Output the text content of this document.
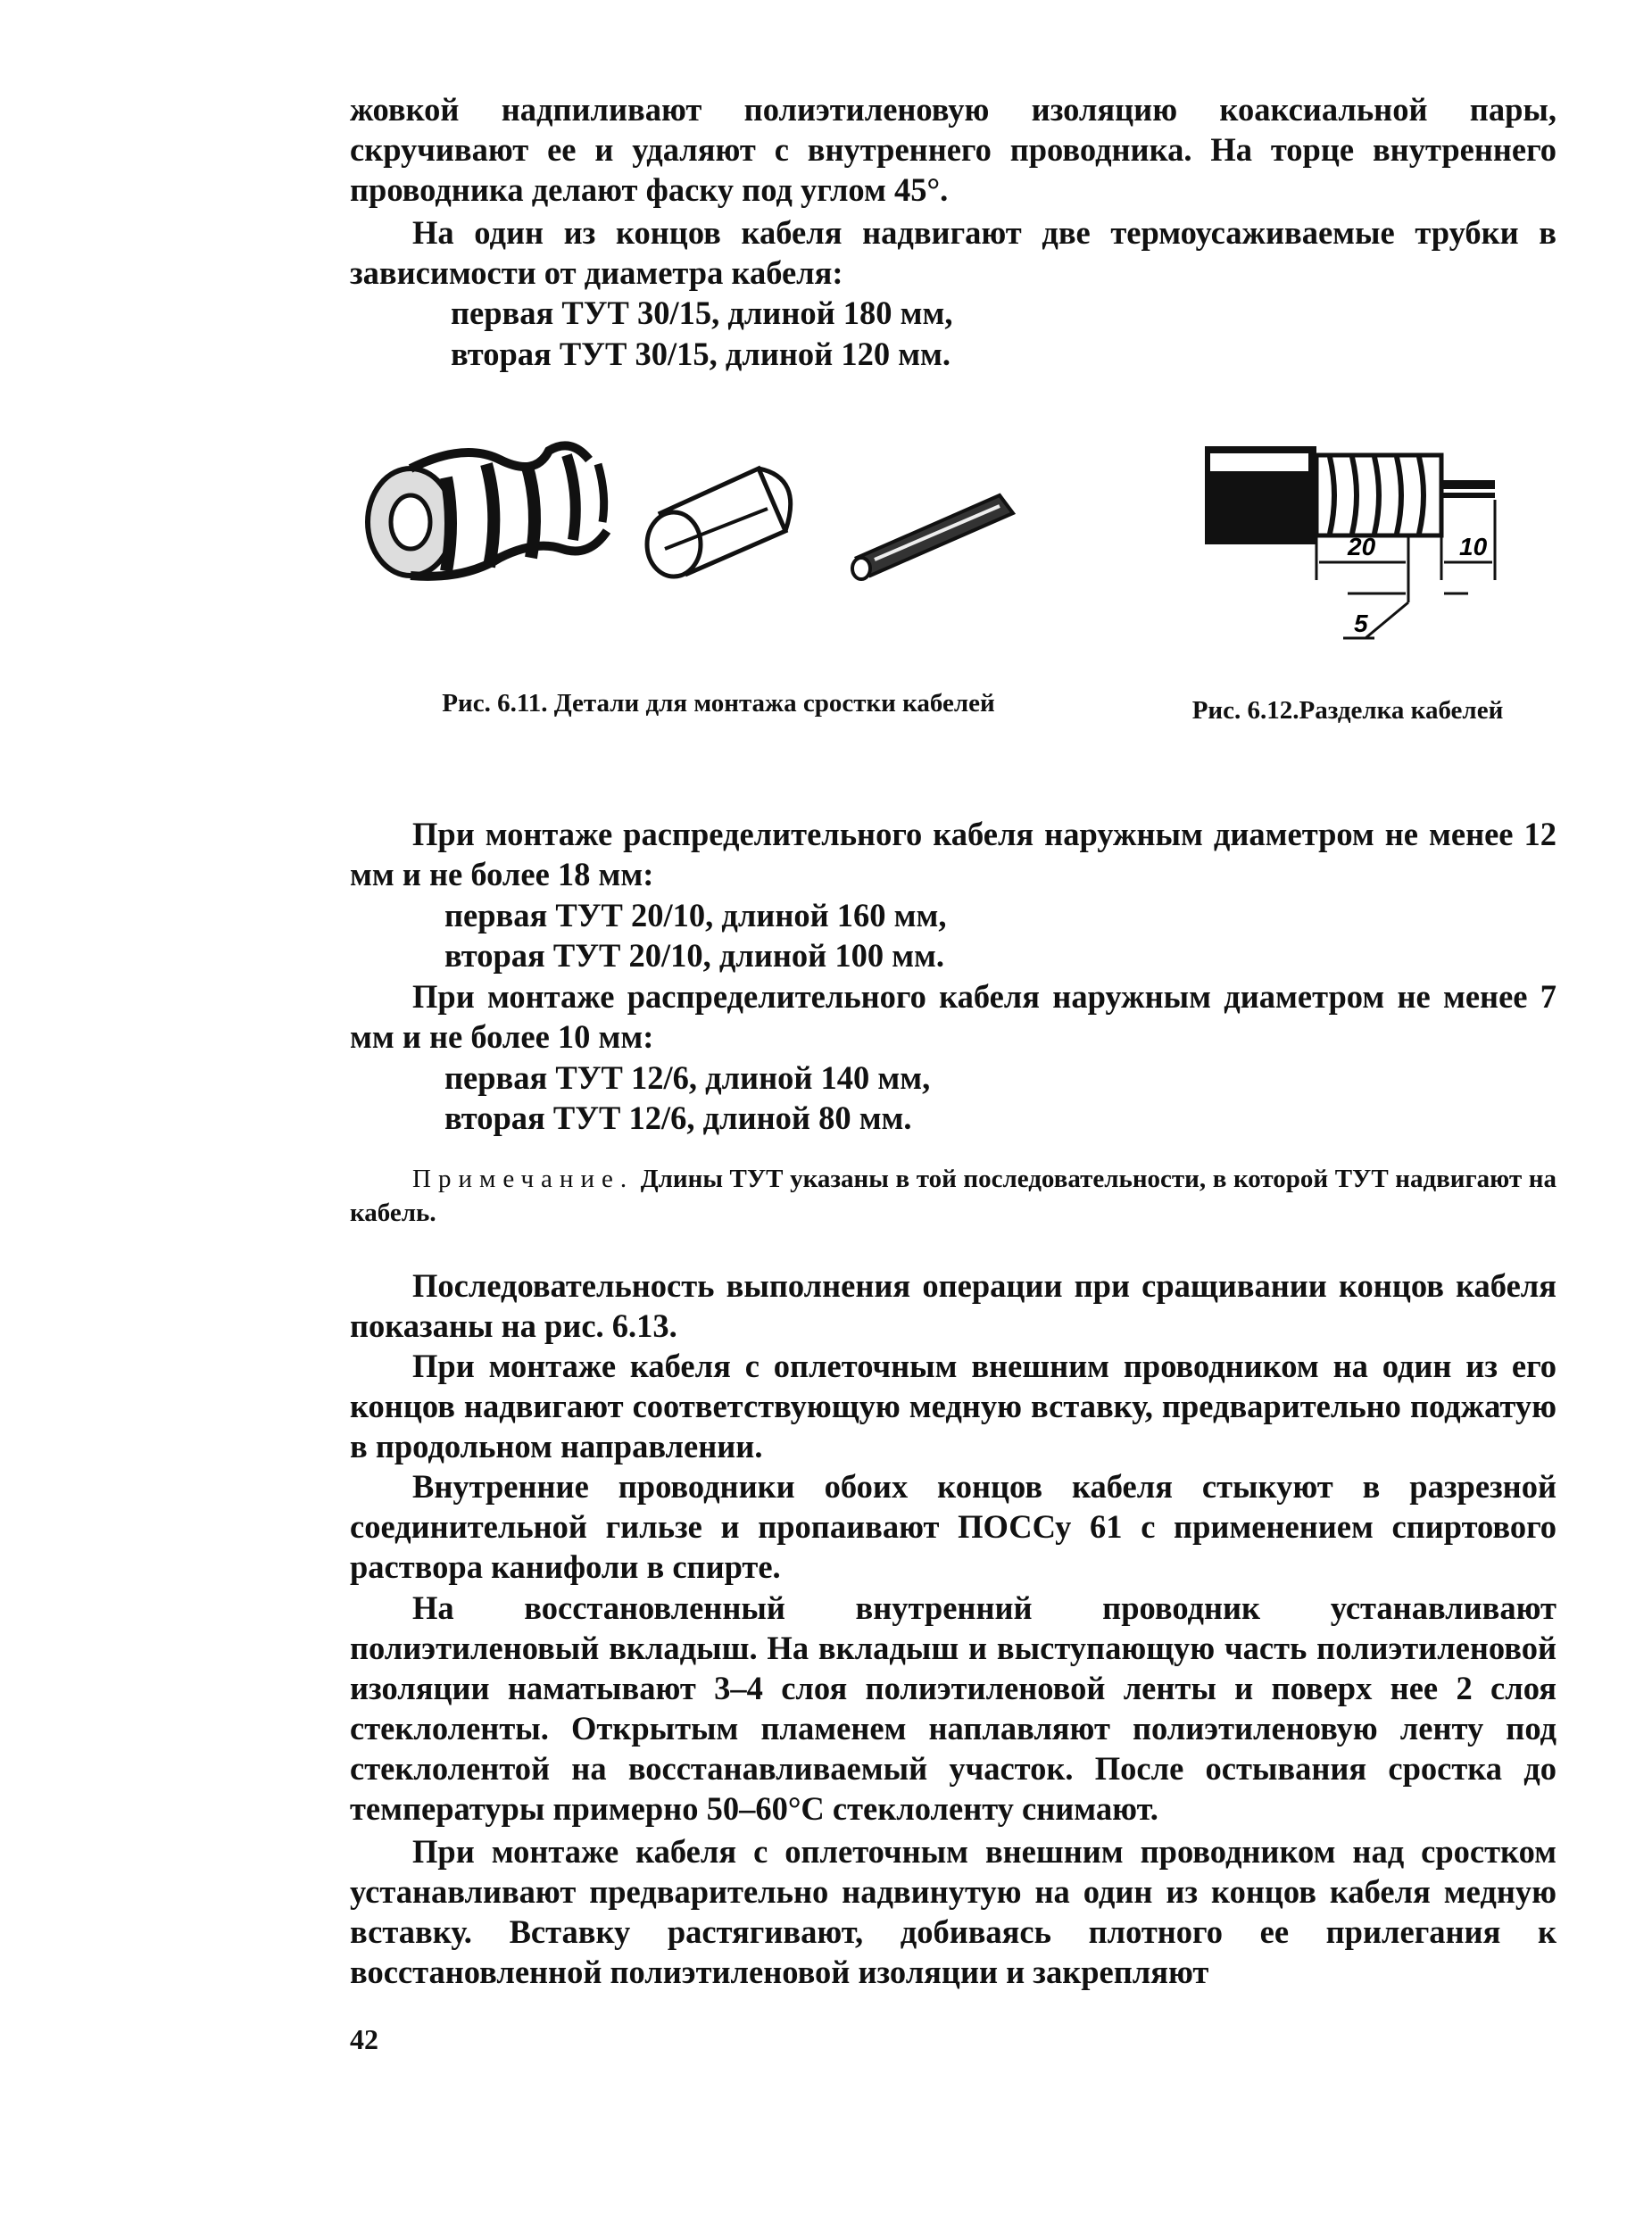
жовкой надпиливают полиэтиленовую изоляцию коаксиальной пары, скручивают ее и удаляют с внутреннего проводника. На торце внутреннего проводника делают фаску под углом 45°.

На один из концов кабеля надвигают две термоусаживаемые трубки в зависимости от диаметра кабеля:

первая ТУТ 30/15, длиной 180 мм,

вторая ТУТ 30/15, длиной 120 мм.

20	10
5

Рис. 6.11. Детали для монтажа сростки кабелей	Рис. 6.12.Разделка кабелей

При монтаже распределительного кабеля наружным диаметром не менее 12 мм и не более 18 мм:

первая ТУТ 20/10, длиной 160 мм,

вторая ТУТ 20/10, длиной 100 мм.

При монтаже распределительного кабеля наружным диаметром не менее 7 мм и не более 10 мм:

первая ТУТ 12/6, длиной 140 мм,

вторая ТУТ 12/6, длиной 80 мм.

Примечание. Длины ТУТ указаны в той последовательности, в которой ТУТ надвигают на кабель.

Последовательность выполнения операции при сращивании концов кабеля показаны на рис. 6.13.

При монтаже кабеля с оплеточным внешним проводником на один из его концов надвигают соответствующую медную вставку, предварительно поджатую в продольном направлении.

Внутренние проводники обоих концов кабеля стыкуют в разрезной соединительной гильзе и пропаивают ПОССу 61 с применением спиртового раствора канифоли в спирте.

На восстановленный внутренний проводник устанавливают полиэтиленовый вкладыш. На вкладыш и выступающую часть полиэтиленовой изоляции наматывают 3–4 слоя полиэтиленовой ленты и поверх нее 2 слоя стеклоленты. Открытым пламенем наплавляют полиэтиленовую ленту под стеклолентой на восстанавливаемый участок. После остывания сростка до температуры примерно 50–60°С стеклоленту снимают.

При монтаже кабеля с оплеточным внешним проводником над сростком устанавливают предварительно надвинутую на один из концов кабеля медную вставку. Вставку растягивают, добиваясь плотного ее прилегания к восстановленной полиэтиленовой изоляции и закрепляют

42
